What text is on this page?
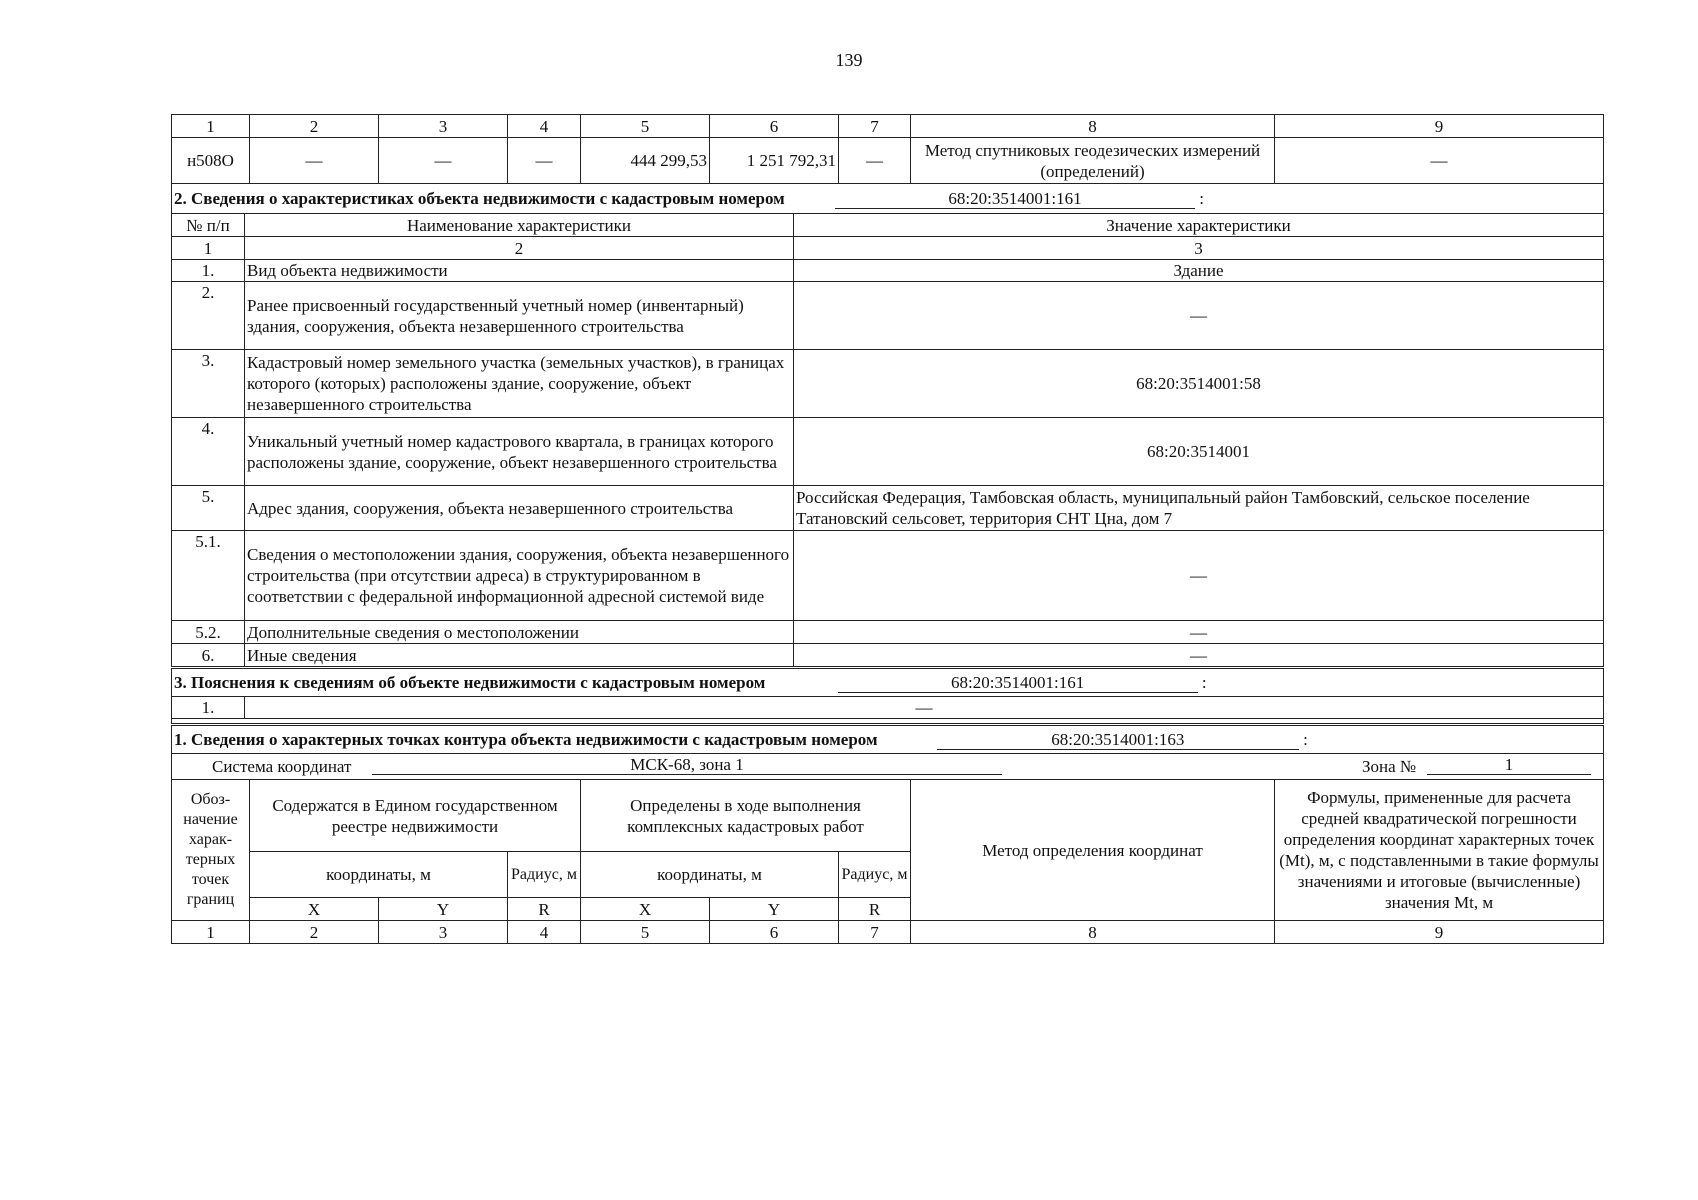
139
1	2	3	4	5	6	7	8	9
н508О	—	—	—	444 299,53	1 251 792,31	—	Метод спутниковых геодезических измерений (определений)	—
2. Сведения о характеристиках объекта недвижимости с кадастровым номером 68:20:3514001:161 :		
№ п/п	Наименование характеристики	Значение характеристики
1	2	3
1.	Вид объекта недвижимости	Здание
2.	Ранее присвоенный государственный учетный номер (инвентарный) здания, сооружения, объекта незавершенного строительства	—
3.	Кадастровый номер земельного участка (земельных участков), в границах которого (которых) расположены здание, сооружение, объект незавершенного строительства	68:20:3514001:58
4.	Уникальный учетный номер кадастрового квартала, в границах которого расположены здание, сооружение, объект незавершенного строительства	68:20:3514001
5.	Адрес здания, сооружения, объекта незавершенного строительства	Российская Федерация, Тамбовская область, муниципальный район Тамбовский, сельское поселение Татановский сельсовет, территория СНТ Цна, дом 7
5.1.	Сведения о местоположении здания, сооружения, объекта незавершенного строительства (при отсутствии адреса) в структурированном в соответствии с федеральной информационной адресной системой виде	—
5.2.	Дополнительные сведения о местоположении	—
6.	Иные сведения	—
3. Пояснения к сведениям об объекте недвижимости с кадастровым номером	68:20:3514001:161	:
1.	—

1. Сведения о характерных точках контура объекта недвижимости с кадастровым номером 68:20:3514001:163 :								

Система координат МСК-68, зона 1 Зона № 1								

Обоз-начение харак-терных точек границ	Содержатся в Едином государственном реестре недвижимости			Определены в ходе выполнения комплексных кадастровых работ			Метод определения координат	Формулы, примененные для расчета средней квадратической погрешности определения координат характерных точек (Mt), м, с подставленными в такие формулы значениями и итоговые (вычисленные) значения Mt, м
	координаты, м		Радиус, м	координаты, м		Радиус, м		
	X	Y	R	X	Y	R		
1	2	3	4	5	6	7	8	9
